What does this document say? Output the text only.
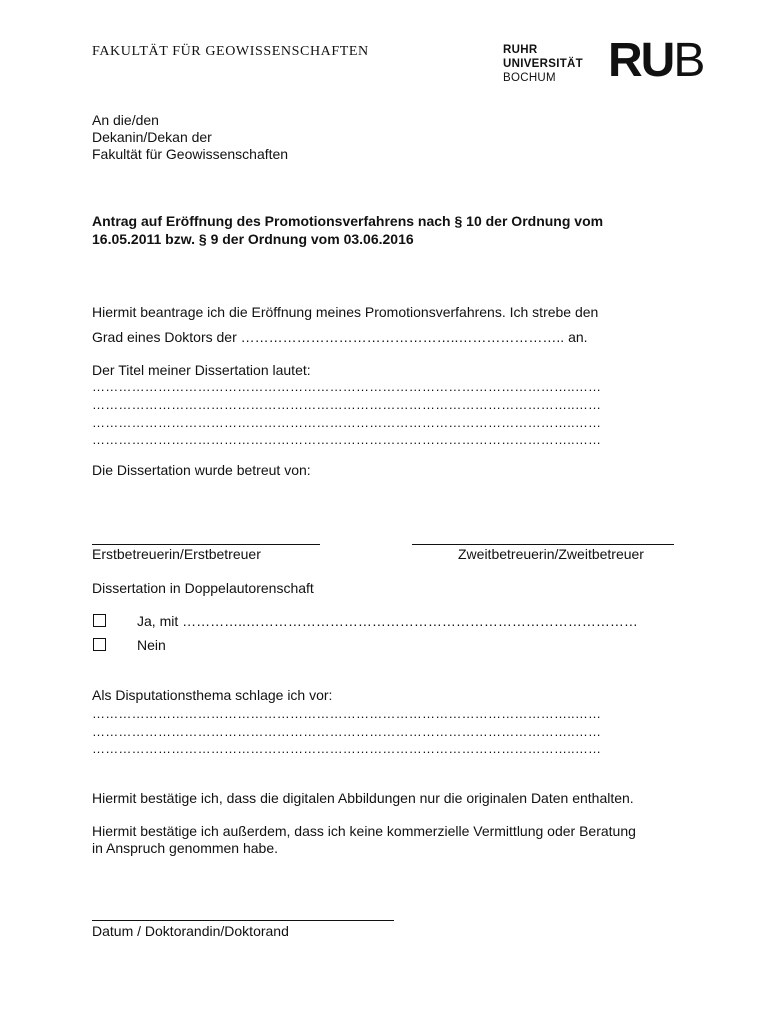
FAKULTÄT FÜR GEOWISSENSCHAFTEN	RUHR
UNIVERSITÄT
BOCHUM	RUB
An die/den
Dekanin/Dekan der
Fakultät für Geowissenschaften
Antrag auf Eröffnung des Promotionsverfahrens nach § 10 der Ordnung vom
16.05.2011 bzw. § 9 der Ordnung vom 03.06.2016
Hiermit beantrage ich die Eröffnung meines Promotionsverfahrens. Ich strebe den
Grad eines Doktors der ………………………………………..………………….. an.
Der Titel meiner Dissertation lautet:
………………………………………………………………………………………………..……
………………………………………………………………………………………………..……
………………………………………………………………………………………………..……
………………………………………………………………………………………………..……
Die Dissertation wurde betreut von:
Erstbetreuerin/Erstbetreuer	Zweitbetreuerin/Zweitbetreuer
Dissertation in Doppelautorenschaft
Ja, mit …………..…………………………………………………………………………
Nein
Als Disputationsthema schlage ich vor:
………………………………………………………………………………………………..……
………………………………………………………………………………………………..……
………………………………………………………………………………………………..……
Hiermit bestätige ich, dass die digitalen Abbildungen nur die originalen Daten enthalten.
Hiermit bestätige ich außerdem, dass ich keine kommerzielle Vermittlung oder Beratung
in Anspruch genommen habe.
Datum / Doktorandin/Doktorand
